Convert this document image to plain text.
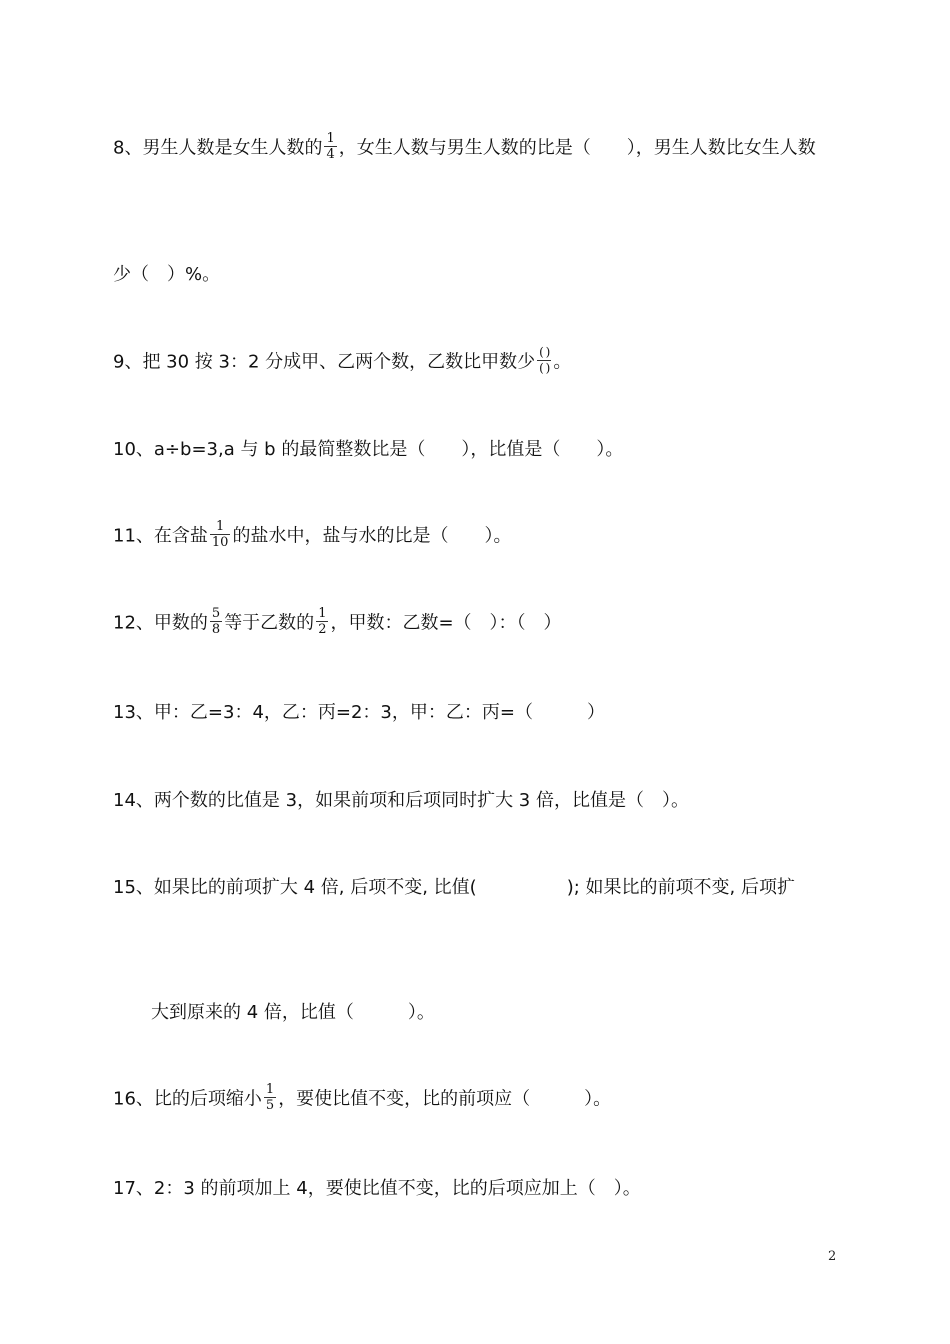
8、男生人数是女生人数的 $\frac{1}{4}$ ，女生人数与男生人数的比是（　　），男生人数比女生人数
少（　）%。
9、把 30 按 3：2 分成甲、乙两个数，乙数比甲数少 $\frac{( )}{( )}$ 。
10、a÷b=3,a 与 b 的最简整数比是（　　），比值是（　　）。
11、在含盐 $\frac{1}{10}$ 的盐水中，盐与水的比是（　　）。
12、甲数的 $\frac{5}{8}$ 等于乙数的 $\frac{1}{2}$ ，甲数：乙数=（　）：（　）
13、甲：乙=3：4，乙：丙=2：3，甲：乙：丙=（　　　）
14、两个数的比值是 3，如果前项和后项同时扩大 3 倍，比值是（　）。
15、如果比的前项扩大 4 倍, 后项不变, 比值(　　　　　); 如果比的前项不变, 后项扩
大到原来的 4 倍，比值（　　　）。
16、比的后项缩小 $\frac{1}{5}$ ，要使比值不变，比的前项应（　　　）。
17、2：3 的前项加上 4，要使比值不变，比的后项应加上（　）。
2
